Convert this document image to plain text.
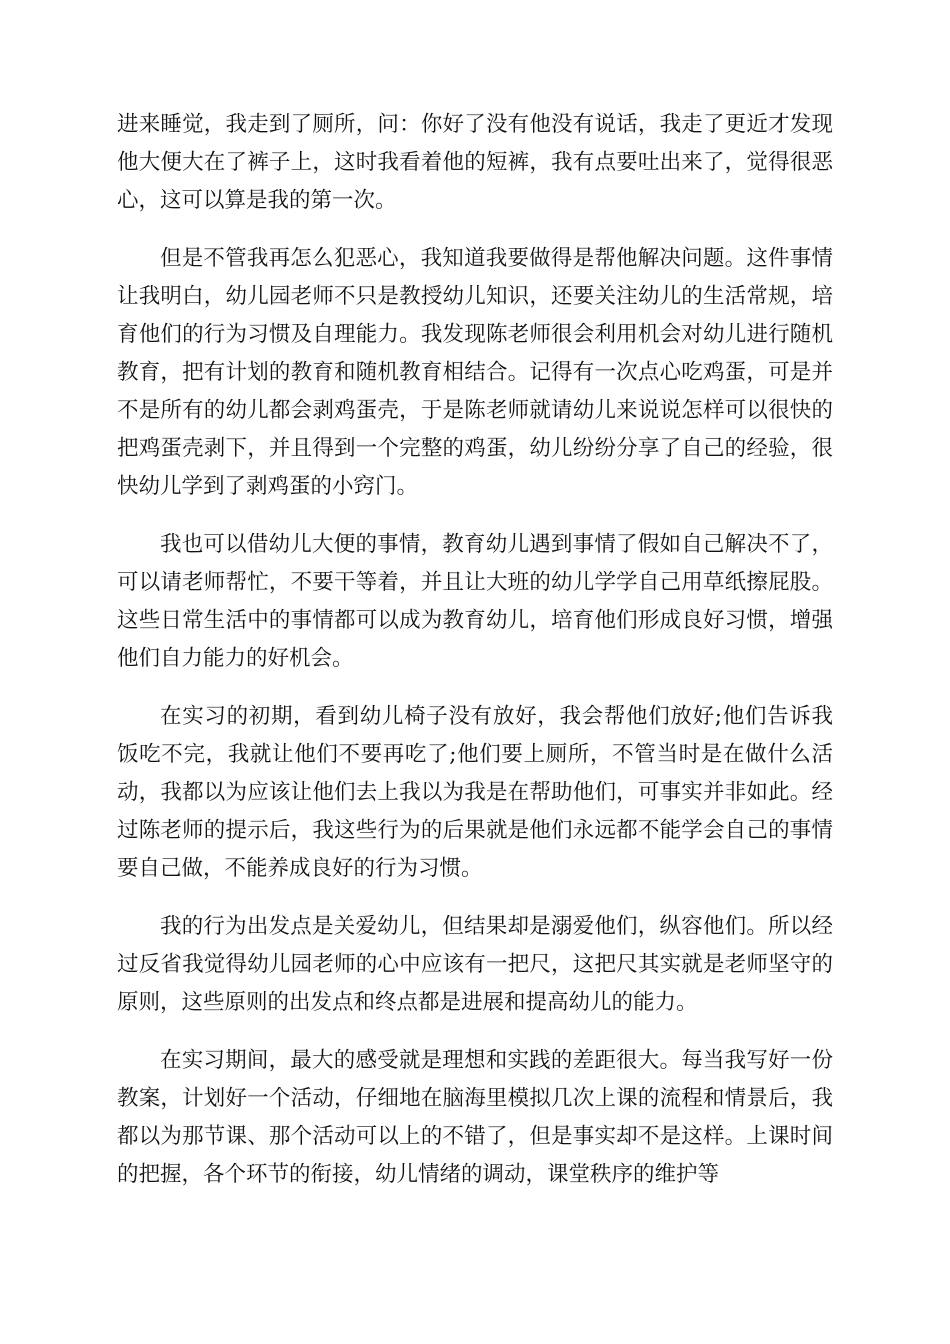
进来睡觉，我走到了厕所，问：你好了没有他没有说话，我走了更近才发现他大便大在了裤子上，这时我看着他的短裤，我有点要吐出来了，觉得很恶心，这可以算是我的第一次。

但是不管我再怎么犯恶心，我知道我要做得是帮他解决问题。这件事情让我明白，幼儿园老师不只是教授幼儿知识，还要关注幼儿的生活常规，培育他们的行为习惯及自理能力。我发现陈老师很会利用机会对幼儿进行随机教育，把有计划的教育和随机教育相结合。记得有一次点心吃鸡蛋，可是并不是所有的幼儿都会剥鸡蛋壳，于是陈老师就请幼儿来说说怎样可以很快的把鸡蛋壳剥下，并且得到一个完整的鸡蛋，幼儿纷纷分享了自己的经验，很快幼儿学到了剥鸡蛋的小窍门。

我也可以借幼儿大便的事情，教育幼儿遇到事情了假如自己解决不了，可以请老师帮忙，不要干等着，并且让大班的幼儿学学自己用草纸擦屁股。这些日常生活中的事情都可以成为教育幼儿，培育他们形成良好习惯，增强他们自力能力的好机会。

在实习的初期，看到幼儿椅子没有放好，我会帮他们放好;他们告诉我饭吃不完，我就让他们不要再吃了;他们要上厕所，不管当时是在做什么活动，我都以为应该让他们去上我以为我是在帮助他们，可事实并非如此。经过陈老师的提示后，我这些行为的后果就是他们永远都不能学会自己的事情要自己做，不能养成良好的行为习惯。

我的行为出发点是关爱幼儿，但结果却是溺爱他们，纵容他们。所以经过反省我觉得幼儿园老师的心中应该有一把尺，这把尺其实就是老师坚守的原则，这些原则的出发点和终点都是进展和提高幼儿的能力。

在实习期间，最大的感受就是理想和实践的差距很大。每当我写好一份教案，计划好一个活动，仔细地在脑海里模拟几次上课的流程和情景后，我都以为那节课、那个活动可以上的不错了，但是事实却不是这样。上课时间的把握，各个环节的衔接，幼儿情绪的调动，课堂秩序的维护等
